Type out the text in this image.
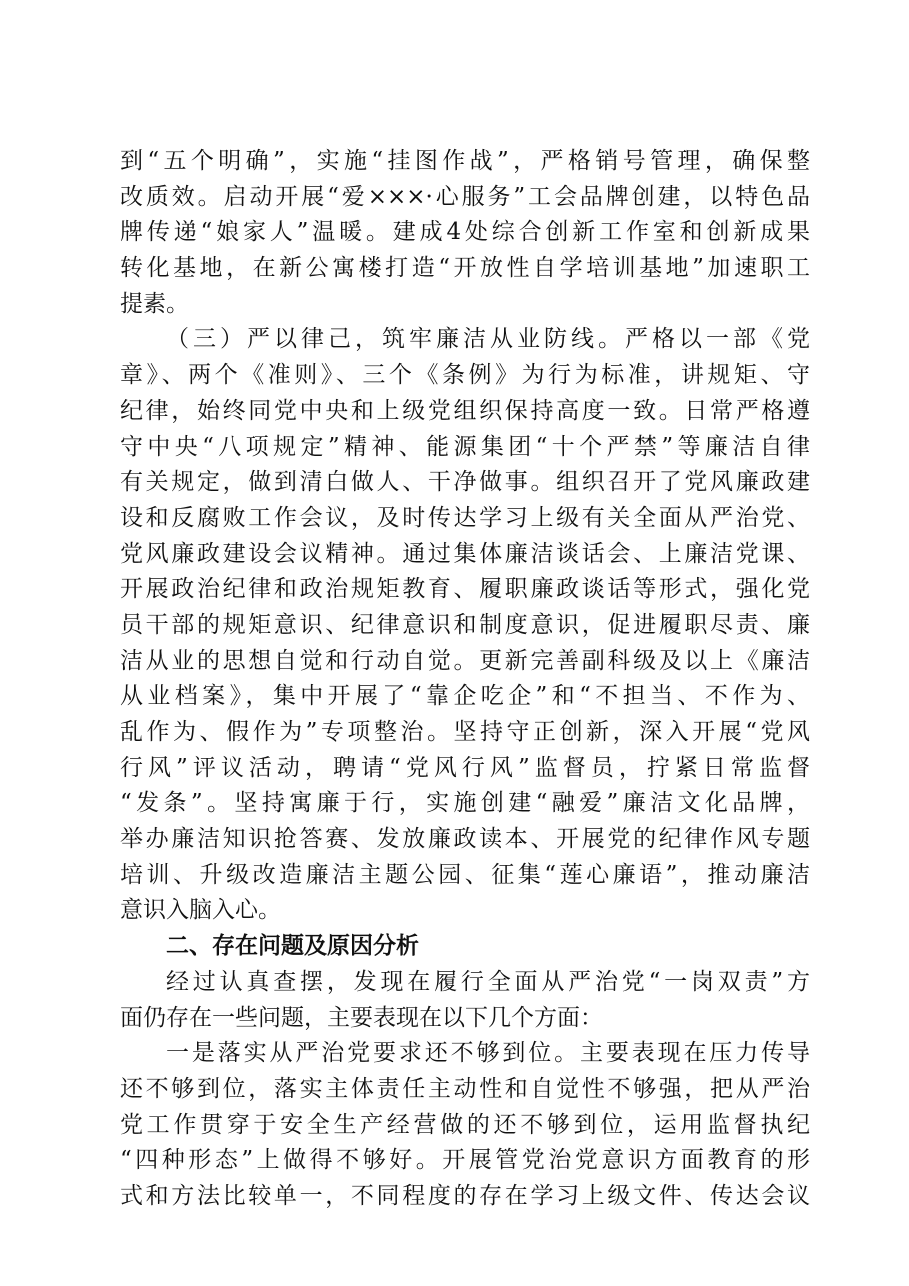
到“五个明确”，实施“挂图作战”，严格销号管理，确保整
改质效。启动开展“爱×××·心服务”工会品牌创建，以特色品
牌传递“娘家人”温暖。建成4处综合创新工作室和创新成果
转化基地，在新公寓楼打造“开放性自学培训基地”加速职工
提素。
（三）严以律己，筑牢廉洁从业防线。严格以一部《党
章》、两个《准则》、三个《条例》为行为标准，讲规矩、守
纪律，始终同党中央和上级党组织保持高度一致。日常严格遵
守中央“八项规定”精神、能源集团“十个严禁”等廉洁自律
有关规定，做到清白做人、干净做事。组织召开了党风廉政建
设和反腐败工作会议，及时传达学习上级有关全面从严治党、
党风廉政建设会议精神。通过集体廉洁谈话会、上廉洁党课、
开展政治纪律和政治规矩教育、履职廉政谈话等形式，强化党
员干部的规矩意识、纪律意识和制度意识，促进履职尽责、廉
洁从业的思想自觉和行动自觉。更新完善副科级及以上《廉洁
从业档案》，集中开展了“靠企吃企”和“不担当、不作为、
乱作为、假作为”专项整治。坚持守正创新，深入开展“党风
行风”评议活动，聘请“党风行风”监督员，拧紧日常监督
“发条”。坚持寓廉于行，实施创建“融爱”廉洁文化品牌，
举办廉洁知识抢答赛、发放廉政读本、开展党的纪律作风专题
培训、升级改造廉洁主题公园、征集“莲心廉语”，推动廉洁
意识入脑入心。
二、存在问题及原因分析
经过认真查摆，发现在履行全面从严治党“一岗双责”方
面仍存在一些问题，主要表现在以下几个方面：
一是落实从严治党要求还不够到位。主要表现在压力传导
还不够到位，落实主体责任主动性和自觉性不够强，把从严治
党工作贯穿于安全生产经营做的还不够到位，运用监督执纪
“四种形态”上做得不够好。开展管党治党意识方面教育的形
式和方法比较单一，不同程度的存在学习上级文件、传达会议
